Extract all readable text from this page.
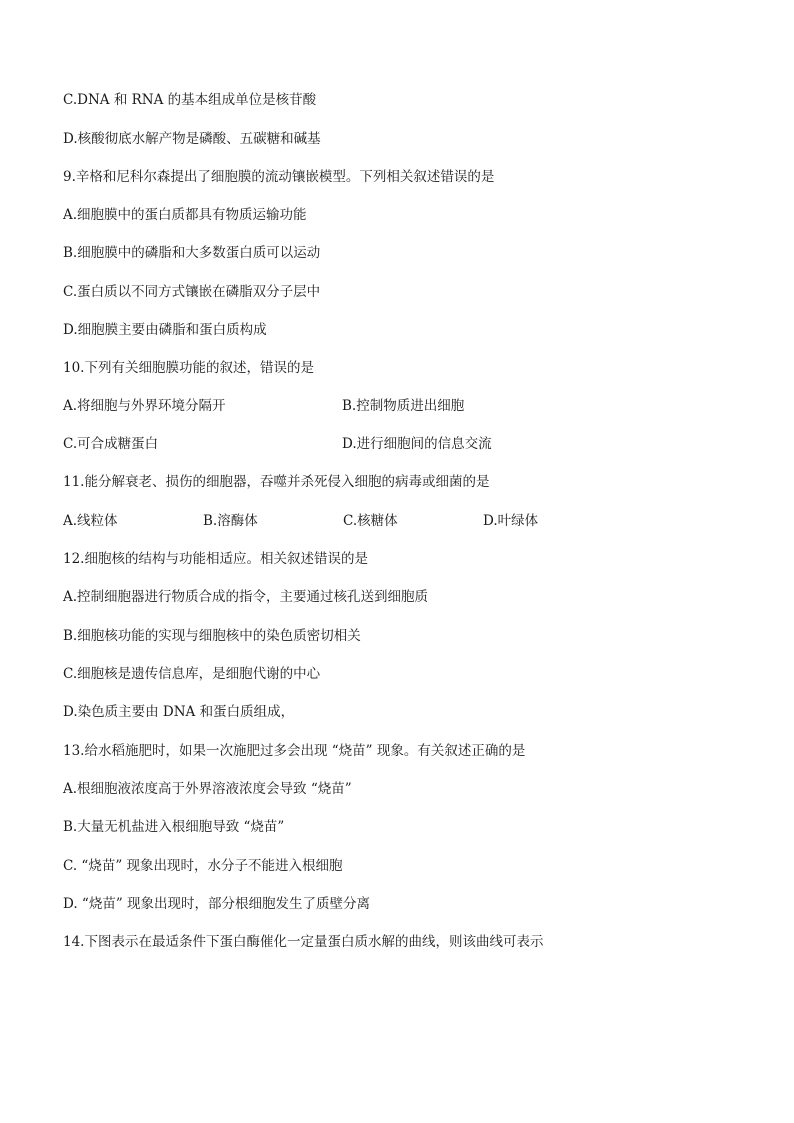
C.DNA 和 RNA 的基本组成单位是核苷酸
D.核酸彻底水解产物是磷酸、五碳糖和碱基
9.辛格和尼科尔森提出了细胞膜的流动镶嵌模型。下列相关叙述错误的是
A.细胞膜中的蛋白质都具有物质运输功能
B.细胞膜中的磷脂和大多数蛋白质可以运动
C.蛋白质以不同方式镶嵌在磷脂双分子层中
D.细胞膜主要由磷脂和蛋白质构成
10.下列有关细胞膜功能的叙述，错误的是
A.将细胞与外界环境分隔开	B.控制物质进出细胞
C.可合成糖蛋白	D.进行细胞间的信息交流
11.能分解衰老、损伤的细胞器，吞噬并杀死侵入细胞的病毒或细菌的是
A.线粒体	B.溶酶体	C.核糖体	D.叶绿体
12.细胞核的结构与功能相适应。相关叙述错误的是
A.控制细胞器进行物质合成的指令，主要通过核孔送到细胞质
B.细胞核功能的实现与细胞核中的染色质密切相关
C.细胞核是遗传信息库，是细胞代谢的中心
D.染色质主要由 DNA 和蛋白质组成，
13.给水稻施肥时，如果一次施肥过多会出现 “烧苗” 现象。有关叙述正确的是
A.根细胞液浓度高于外界溶液浓度会导致 “烧苗”
B.大量无机盐进入根细胞导致 “烧苗”
C. “烧苗” 现象出现时，水分子不能进入根细胞
D. “烧苗” 现象出现时，部分根细胞发生了质壁分离
14.下图表示在最适条件下蛋白酶催化一定量蛋白质水解的曲线，则该曲线可表示
